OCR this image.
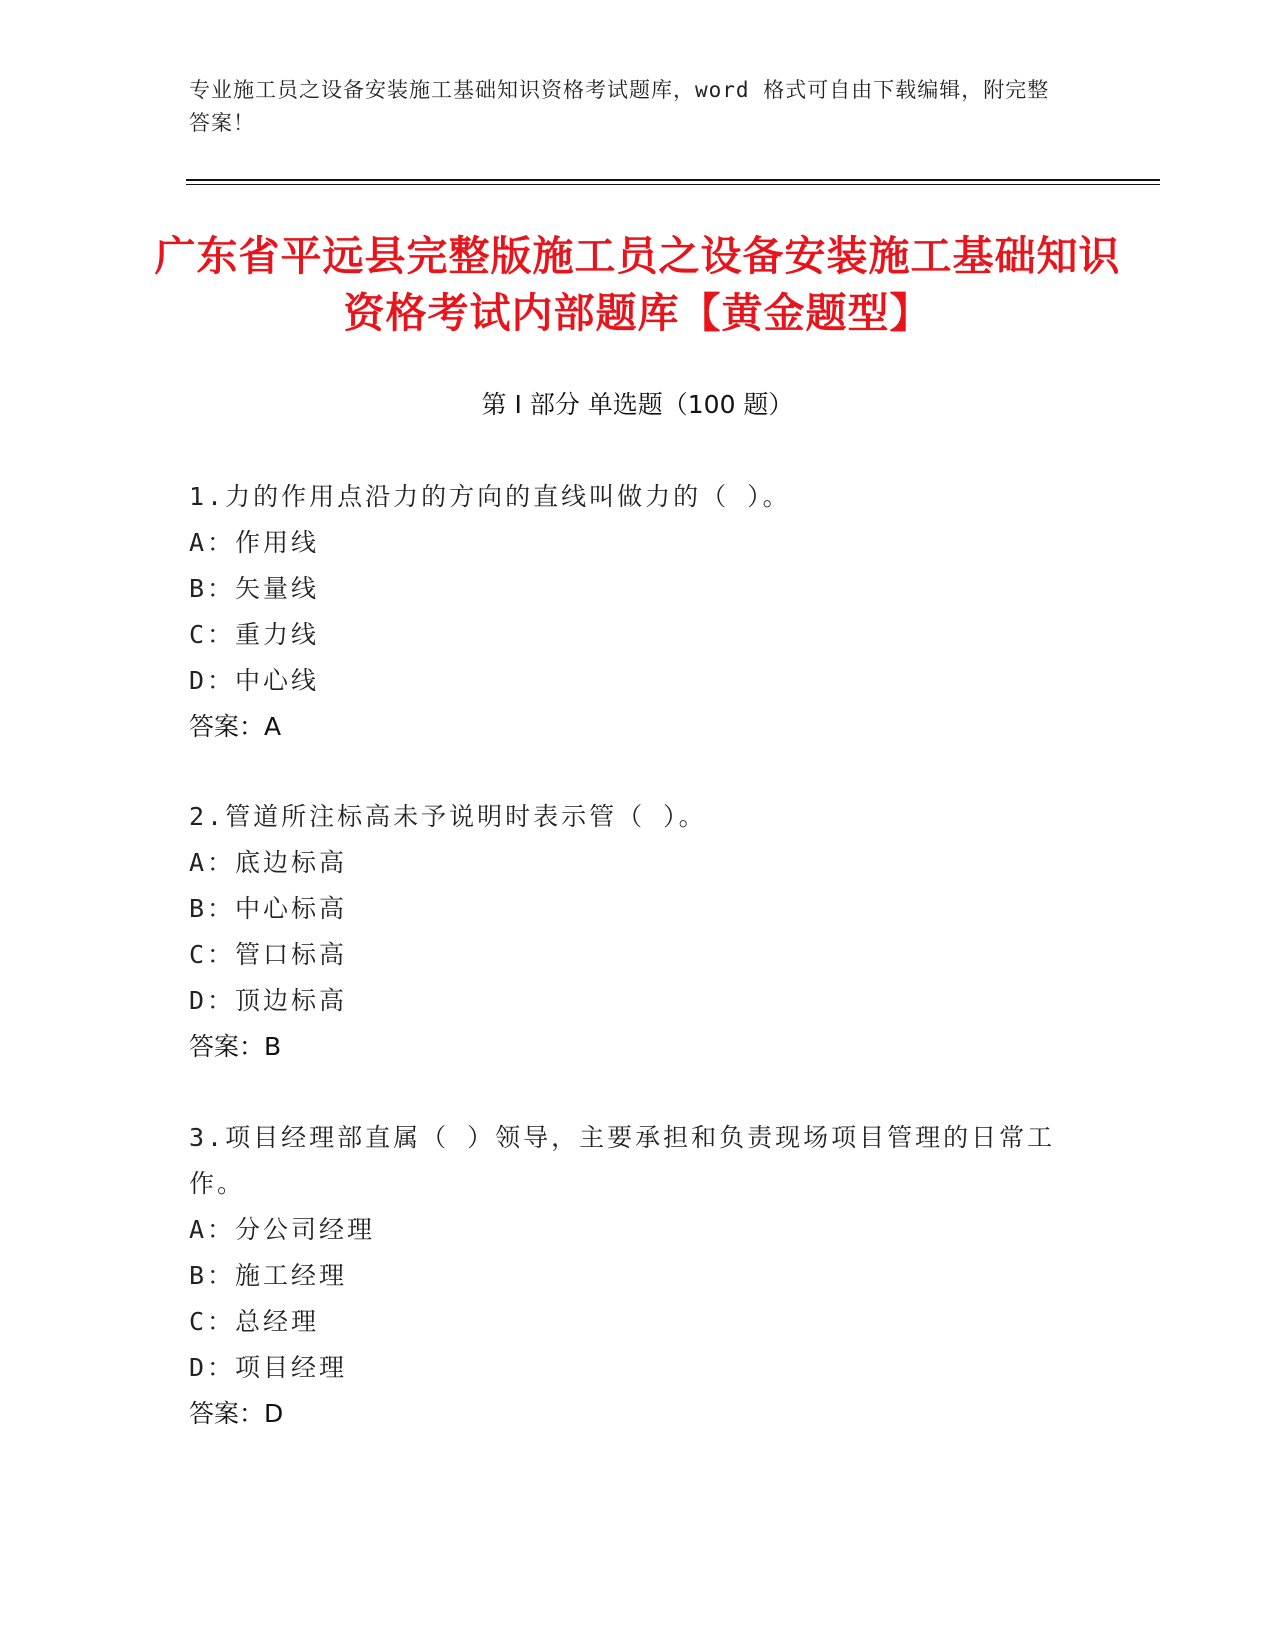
专业施工员之设备安装施工基础知识资格考试题库，word 格式可自由下载编辑，附完整答案！
广东省平远县完整版施工员之设备安装施工基础知识资格考试内部题库【黄金题型】
第 I 部分 单选题（100 题）

1.力的作用点沿力的方向的直线叫做力的（ ）。

A：作用线

B：矢量线

C：重力线

D：中心线

答案：A

2.管道所注标高未予说明时表示管（ ）。

A：底边标高

B：中心标高

C：管口标高

D：顶边标高

答案：B

3.项目经理部直属（ ）领导，主要承担和负责现场项目管理的日常工作。

A：分公司经理

B：施工经理

C：总经理

D：项目经理

答案：D
